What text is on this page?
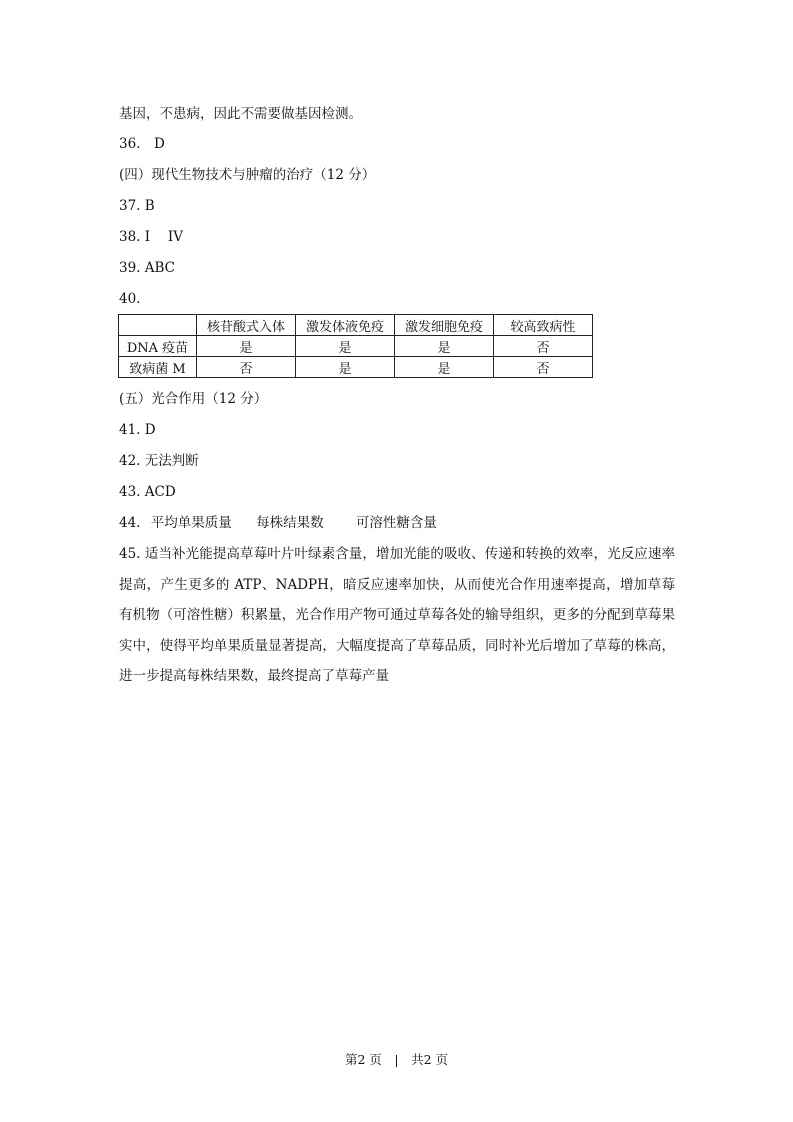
基因，不患病，因此不需要做基因检测。
36.　D
(四）现代生物技术与肿瘤的治疗（12 分）
37. B
38. I　 IV
39. ABC
40.
	核苷酸式入体	激发体液免疫	激发细胞免疫	较高致病性
DNA 疫苗	是	是	是	否
致病菌 M	否	是	是	否
(五）光合作用（12 分）
41. D
42. 无法判断
43. ACD
44. 平均单果质量 每株结果数 可溶性糖含量
45. 适当补光能提高草莓叶片叶绿素含量，增加光能的吸收、传递和转换的效率，光反应速率提高，产生更多的 ATP、NADPH，暗反应速率加快，从而使光合作用速率提高，增加草莓有机物（可溶性糖）积累量，光合作用产物可通过草莓各处的输导组织，更多的分配到草莓果实中，使得平均单果质量显著提高，大幅度提高了草莓品质，同时补光后增加了草莓的株高，进一步提高每株结果数，最终提高了草莓产量
第2 页　|　共2 页
